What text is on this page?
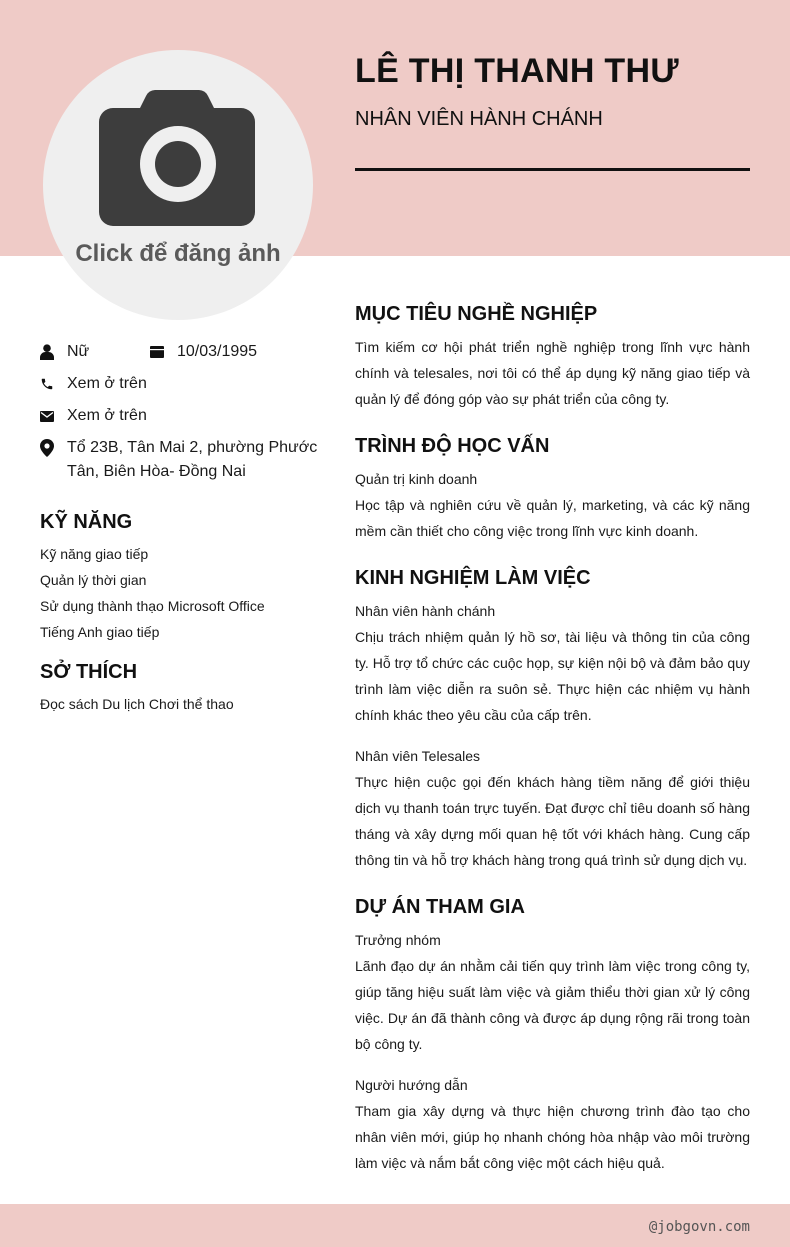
Click để đăng ảnh
LÊ THỊ THANH THƯ
NHÂN VIÊN HÀNH CHÁNH
Nữ	10/03/1995
Xem ở trên
Xem ở trên
Tổ 23B, Tân Mai 2, phường Phước Tân, Biên Hòa- Đồng Nai
KỸ NĂNG
Kỹ năng giao tiếp
Quản lý thời gian
Sử dụng thành thạo Microsoft Office
Tiếng Anh giao tiếp
SỞ THÍCH
Đọc sách Du lịch Chơi thể thao
MỤC TIÊU NGHỀ NGHIỆP
Tìm kiếm cơ hội phát triển nghề nghiệp trong lĩnh vực hành chính và telesales, nơi tôi có thể áp dụng kỹ năng giao tiếp và quản lý để đóng góp vào sự phát triển của công ty.
TRÌNH ĐỘ HỌC VẤN
Quản trị kinh doanh
Học tập và nghiên cứu về quản lý, marketing, và các kỹ năng mềm cần thiết cho công việc trong lĩnh vực kinh doanh.
KINH NGHIỆM LÀM VIỆC
Nhân viên hành chánh
Chịu trách nhiệm quản lý hồ sơ, tài liệu và thông tin của công ty. Hỗ trợ tổ chức các cuộc họp, sự kiện nội bộ và đảm bảo quy trình làm việc diễn ra suôn sẻ. Thực hiện các nhiệm vụ hành chính khác theo yêu cầu của cấp trên.
Nhân viên Telesales
Thực hiện cuộc gọi đến khách hàng tiềm năng để giới thiệu dịch vụ thanh toán trực tuyến. Đạt được chỉ tiêu doanh số hàng tháng và xây dựng mối quan hệ tốt với khách hàng. Cung cấp thông tin và hỗ trợ khách hàng trong quá trình sử dụng dịch vụ.
DỰ ÁN THAM GIA
Trưởng nhóm
Lãnh đạo dự án nhằm cải tiến quy trình làm việc trong công ty, giúp tăng hiệu suất làm việc và giảm thiểu thời gian xử lý công việc. Dự án đã thành công và được áp dụng rộng rãi trong toàn bộ công ty.
Người hướng dẫn
Tham gia xây dựng và thực hiện chương trình đào tạo cho nhân viên mới, giúp họ nhanh chóng hòa nhập vào môi trường làm việc và nắm bắt công việc một cách hiệu quả.
@jobgovn.com
